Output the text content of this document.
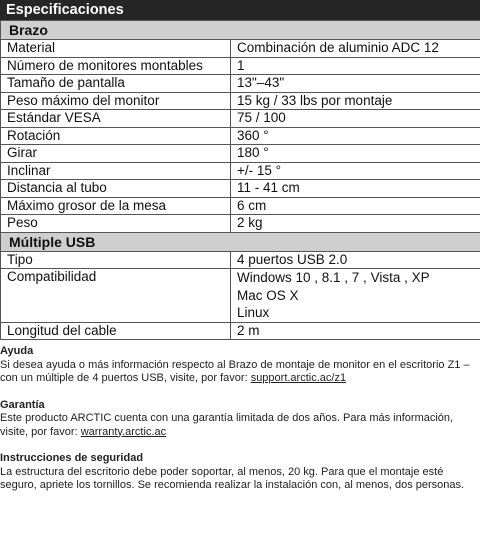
Especificaciones
Brazo	
Material	Combinación de aluminio ADC 12
Número de monitores montables	1
Tamaño de pantalla	13"–43"
Peso máximo del monitor	15 kg / 33 lbs por montaje
Estándar VESA	75 / 100
Rotación	360 °
Girar	180 °
Inclinar	+/- 15 °
Distancia al tubo	11 - 41 cm
Máximo grosor de la mesa	6 cm
Peso	2 kg
Múltiple USB	
Tipo	4 puertos USB 2.0
Compatibilidad	Windows 10 , 8.1 , 7 , Vista , XP
Mac OS X
Linux

Longitud del cable	2 m
Ayuda
Si desea ayuda o más información respecto al Brazo de montaje de monitor en el escritorio Z1 – con un múltiple de 4 puertos USB, visite, por favor: support.arctic.ac/z1
Garantía
Este producto ARCTIC cuenta con una garantía limitada de dos años. Para más información, visite, por favor: warranty.arctic.ac
Instrucciones de seguridad
La estructura del escritorio debe poder soportar, al menos, 20 kg. Para que el montaje esté seguro, apriete los tornillos. Se recomienda realizar la instalación con, al menos, dos personas.
